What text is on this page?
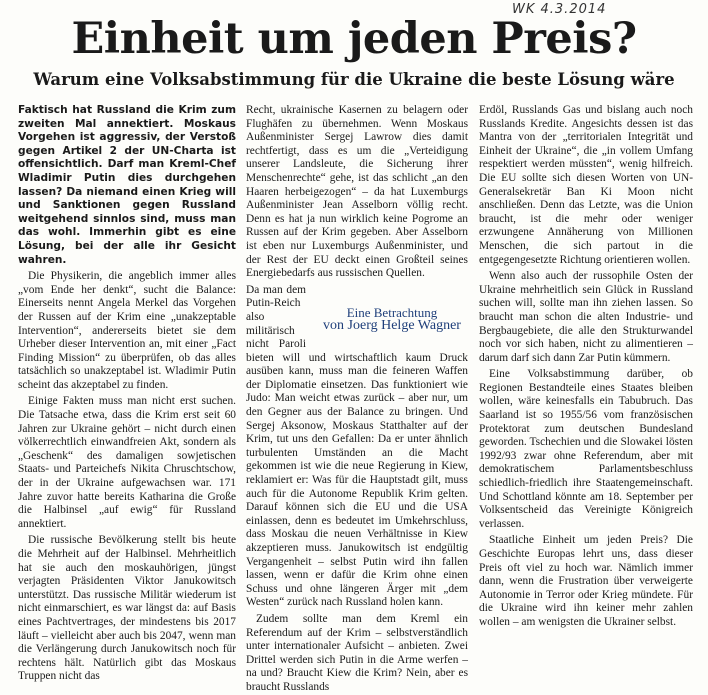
WK 4.3.2014
Einheit um jeden Preis?
Warum eine Volksabstimmung für die Ukraine die beste Lösung wäre

Faktisch hat Russland die Krim zum zweiten Mal annektiert. Moskaus Vorgehen ist aggressiv, der Verstoß gegen Artikel 2 der UN-Charta ist offensichtlich. Darf man Kreml-Chef Wladimir Putin dies durchgehen lassen? Da niemand einen Krieg will und Sanktionen gegen Russland weitgehend sinnlos sind, muss man das wohl. Immerhin gibt es eine Lösung, bei der alle ihr Gesicht wahren.

Die Physikerin, die angeblich immer alles „vom Ende her denkt“, sucht die Balance: Einerseits nennt Angela Merkel das Vorgehen der Russen auf der Krim eine „unakzeptable Intervention“, andererseits bietet sie dem Urheber dieser Intervention an, mit einer „Fact Finding Mission“ zu überprüfen, ob das alles tatsächlich so unakzeptabel ist. Wladimir Putin scheint das akzeptabel zu finden.

Einige Fakten muss man nicht erst suchen. Die Tatsache etwa, dass die Krim erst seit 60 Jahren zur Ukraine gehört – nicht durch einen völkerrechtlich einwandfreien Akt, sondern als „Geschenk“ des damaligen sowjetischen Staats- und Parteichefs Nikita Chruschtschow, der in der Ukraine aufgewachsen war. 171 Jahre zuvor hatte bereits Katharina die Große die Halbinsel „auf ewig“ für Russland annektiert.

Die russische Bevölkerung stellt bis heute die Mehrheit auf der Halbinsel. Mehrheitlich hat sie auch den moskauhörigen, jüngst verjagten Präsidenten Viktor Janukowitsch unterstützt. Das russische Militär wiederum ist nicht einmarschiert, es war längst da: auf Basis eines Pachtvertrages, der mindestens bis 2017 läuft – vielleicht aber auch bis 2047, wenn man die Verlängerung durch Janukowitsch noch für rechtens hält. Natürlich gibt das Moskaus Truppen nicht das

Recht, ukrainische Kasernen zu belagern oder Flughäfen zu übernehmen. Wenn Moskaus Außenminister Sergej Lawrow dies damit rechtfertigt, dass es um die „Verteidigung unserer Landsleute, die Sicherung ihrer Menschenrechte“ gehe, ist das schlicht „an den Haaren herbeigezogen“ – da hat Luxemburgs Außenminister Jean Asselborn völlig recht. Denn es hat ja nun wirklich keine Pogrome an Russen auf der Krim gegeben. Aber Asselborn ist eben nur Luxemburgs Außenminister, und der Rest der EU deckt einen Großteil seines Energiebedarfs aus russischen Quellen.

Eine Betrachtung
von Joerg Helge Wagner

Da man dem Putin-Reich also militärisch nicht Paroli bieten will und wirtschaftlich kaum Druck ausüben kann, muss man die feineren Waffen der Diplomatie einsetzen. Das funktioniert wie Judo: Man weicht etwas zurück – aber nur, um den Gegner aus der Balance zu bringen. Und Sergej Aksonow, Moskaus Statthalter auf der Krim, tut uns den Gefallen: Da er unter ähnlich turbulenten Umständen an die Macht gekommen ist wie die neue Regierung in Kiew, reklamiert er: Was für die Hauptstadt gilt, muss auch für die Autonome Republik Krim gelten. Darauf können sich die EU und die USA einlassen, denn es bedeutet im Umkehrschluss, dass Moskau die neuen Verhältnisse in Kiew akzeptieren muss. Janukowitsch ist endgültig Vergangenheit – selbst Putin wird ihn fallen lassen, wenn er dafür die Krim ohne einen Schuss und ohne längeren Ärger mit „dem Westen“ zurück nach Russland holen kann.

Zudem sollte man dem Kreml ein Referendum auf der Krim – selbstverständlich unter internationaler Aufsicht – anbieten. Zwei Drittel werden sich Putin in die Arme werfen – na und? Braucht Kiew die Krim? Nein, aber es braucht Russlands

Erdöl, Russlands Gas und bislang auch noch Russlands Kredite. Angesichts dessen ist das Mantra von der „territorialen Integrität und Einheit der Ukraine“, die „in vollem Umfang respektiert werden müssten“, wenig hilfreich. Die EU sollte sich diesen Worten von UN-Generalsekretär Ban Ki Moon nicht anschließen. Denn das Letzte, was die Union braucht, ist die mehr oder weniger erzwungene Annäherung von Millionen Menschen, die sich partout in die entgegengesetzte Richtung orientieren wollen.

Wenn also auch der russophile Osten der Ukraine mehrheitlich sein Glück in Russland suchen will, sollte man ihn ziehen lassen. So braucht man schon die alten Industrie- und Bergbaugebiete, die alle den Strukturwandel noch vor sich haben, nicht zu alimentieren – darum darf sich dann Zar Putin kümmern.

Eine Volksabstimmung darüber, ob Regionen Bestandteile eines Staates bleiben wollen, wäre keinesfalls ein Tabubruch. Das Saarland ist so 1955/56 vom französischen Protektorat zum deutschen Bundesland geworden. Tschechien und die Slowakei lösten 1992/93 zwar ohne Referendum, aber mit demokratischem Parlamentsbeschluss schiedlich-friedlich ihre Staatengemeinschaft. Und Schottland könnte am 18. September per Volksentscheid das Vereinigte Königreich verlassen.

Staatliche Einheit um jeden Preis? Die Geschichte Europas lehrt uns, dass dieser Preis oft viel zu hoch war. Nämlich immer dann, wenn die Frustration über verweigerte Autonomie in Terror oder Krieg mündete. Für die Ukraine wird ihn keiner mehr zahlen wollen – am wenigsten die Ukrainer selbst.
